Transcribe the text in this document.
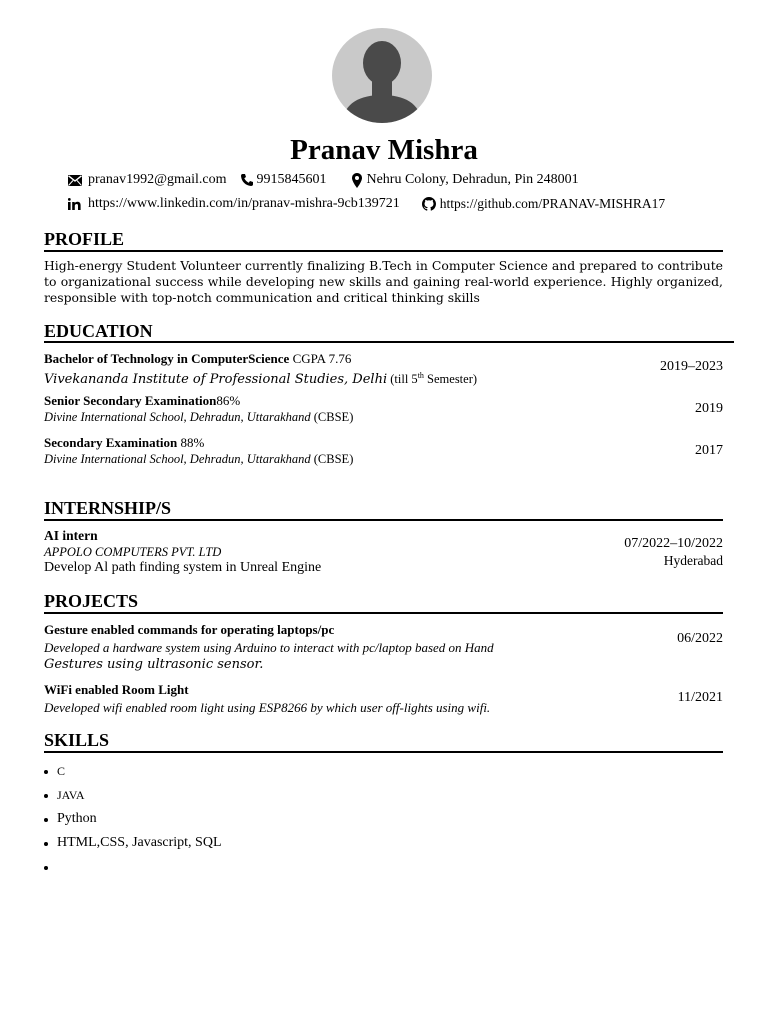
Pranav Mishra
pranav1992@gmail.com 9915845601	Nehru Colony, Dehradun, Pin 248001
https://www.linkedin.com/in/pranav-mishra-9cb139721	https://github.com/PRANAV-MISHRA17
PROFILE
High-energy Student Volunteer currently finalizing B.Tech in Computer Science and prepared to contribute to organizational success while developing new skills and gaining real-world experience. Highly organized, responsible with top-notch communication and critical thinking skills
EDUCATION
Bachelor of Technology in ComputerScience CGPA 7.76
Vivekananda Institute of Professional Studies, Delhi (till 5th Semester)
2019–2023
Senior Secondary Examination86%
Divine International School, Dehradun, Uttarakhand (CBSE)
2019
Secondary Examination 88%
Divine International School, Dehradun, Uttarakhand (CBSE)
2017
INTERNSHIP/S
AI intern
APPOLO COMPUTERS PVT. LTD
Develop Al path finding system in Unreal Engine
07/2022–10/2022
Hyderabad
PROJECTS
Gesture enabled commands for operating laptops/pc
Developed a hardware system using Arduino to interact with pc/laptop based on Hand
Gestures using ultrasonic sensor.
06/2022
WiFi enabled Room Light
Developed wifi enabled room light using ESP8266 by which user off-lights using wifi.
11/2021
SKILLS
C
JAVA
Python
HTML,CSS, Javascript, SQL
